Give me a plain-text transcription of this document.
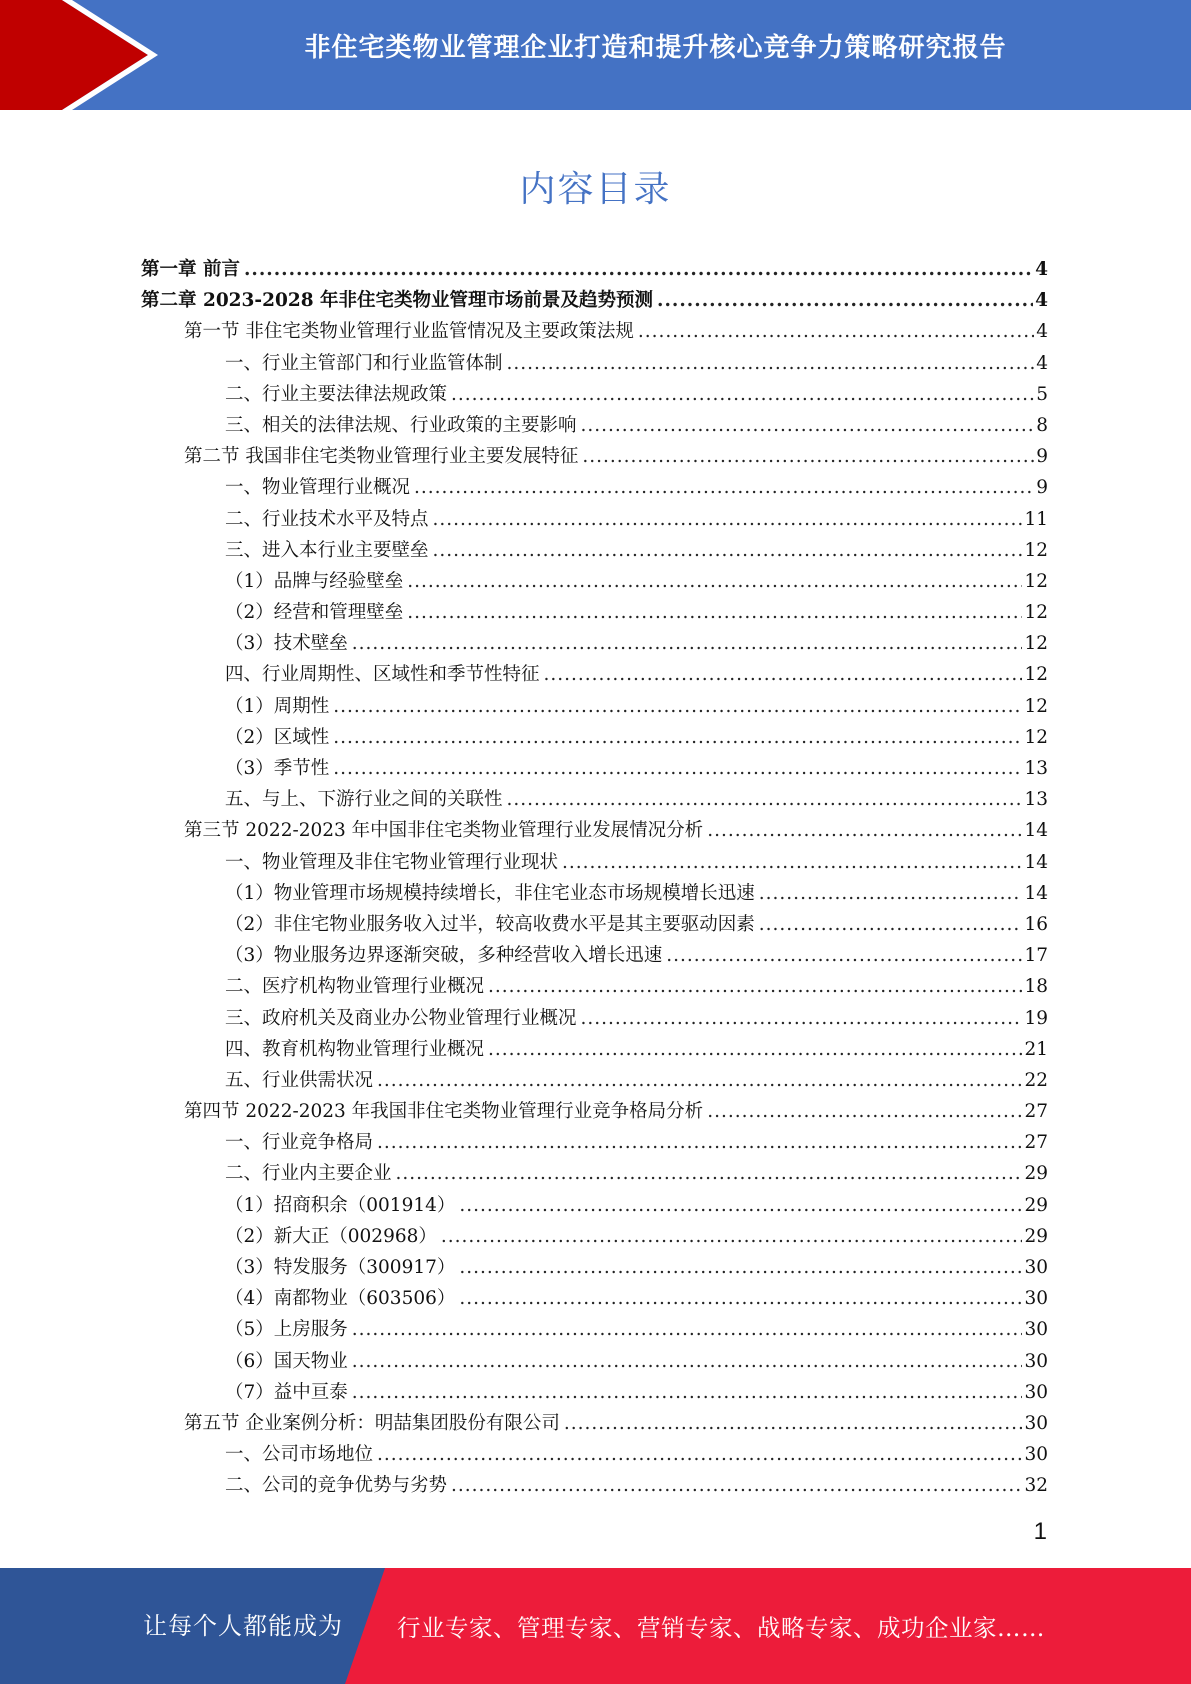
非住宅类物业管理企业打造和提升核心竞争力策略研究报告
内容目录
第一章 前言 .....	4
第二章 2023-2028 年非住宅类物业管理市场前景及趋势预测 .....	4
第一节 非住宅类物业管理行业监管情况及主要政策法规 .....	4
一、行业主管部门和行业监管体制 .....	4
二、行业主要法律法规政策 .....	5
三、相关的法律法规、行业政策的主要影响 .....	8
第二节 我国非住宅类物业管理行业主要发展特征 .....	9
一、物业管理行业概况 .....	9
二、行业技术水平及特点 .....	11
三、进入本行业主要壁垒 .....	12
（1）品牌与经验壁垒 .....	12
（2）经营和管理壁垒 .....	12
（3）技术壁垒 .....	12
四、行业周期性、区域性和季节性特征 .....	12
（1）周期性 .....	12
（2）区域性 .....	12
（3）季节性 .....	13
五、与上、下游行业之间的关联性 .....	13
第三节 2022-2023 年中国非住宅类物业管理行业发展情况分析 .....	14
一、物业管理及非住宅物业管理行业现状 .....	14
（1）物业管理市场规模持续增长，非住宅业态市场规模增长迅速 .....	14
（2）非住宅物业服务收入过半，较高收费水平是其主要驱动因素 .....	16
（3）物业服务边界逐渐突破，多种经营收入增长迅速 .....	17
二、医疗机构物业管理行业概况 .....	18
三、政府机关及商业办公物业管理行业概况 .....	19
四、教育机构物业管理行业概况 .....	21
五、行业供需状况 .....	22
第四节 2022-2023 年我国非住宅类物业管理行业竞争格局分析 .....	27
一、行业竞争格局 .....	27
二、行业内主要企业 .....	29
（1）招商积余（001914） .....	29
（2）新大正（002968） .....	29
（3）特发服务（300917） .....	30
（4）南都物业（603506） .....	30
（5）上房服务 .....	30
（6）国天物业 .....	30
（7）益中亘泰 .....	30
第五节 企业案例分析：明喆集团股份有限公司 .....	30
一、公司市场地位 .....	30
二、公司的竞争优势与劣势 .....	32
1
让每个人都能成为 行业专家、管理专家、营销专家、战略专家、成功企业家……
